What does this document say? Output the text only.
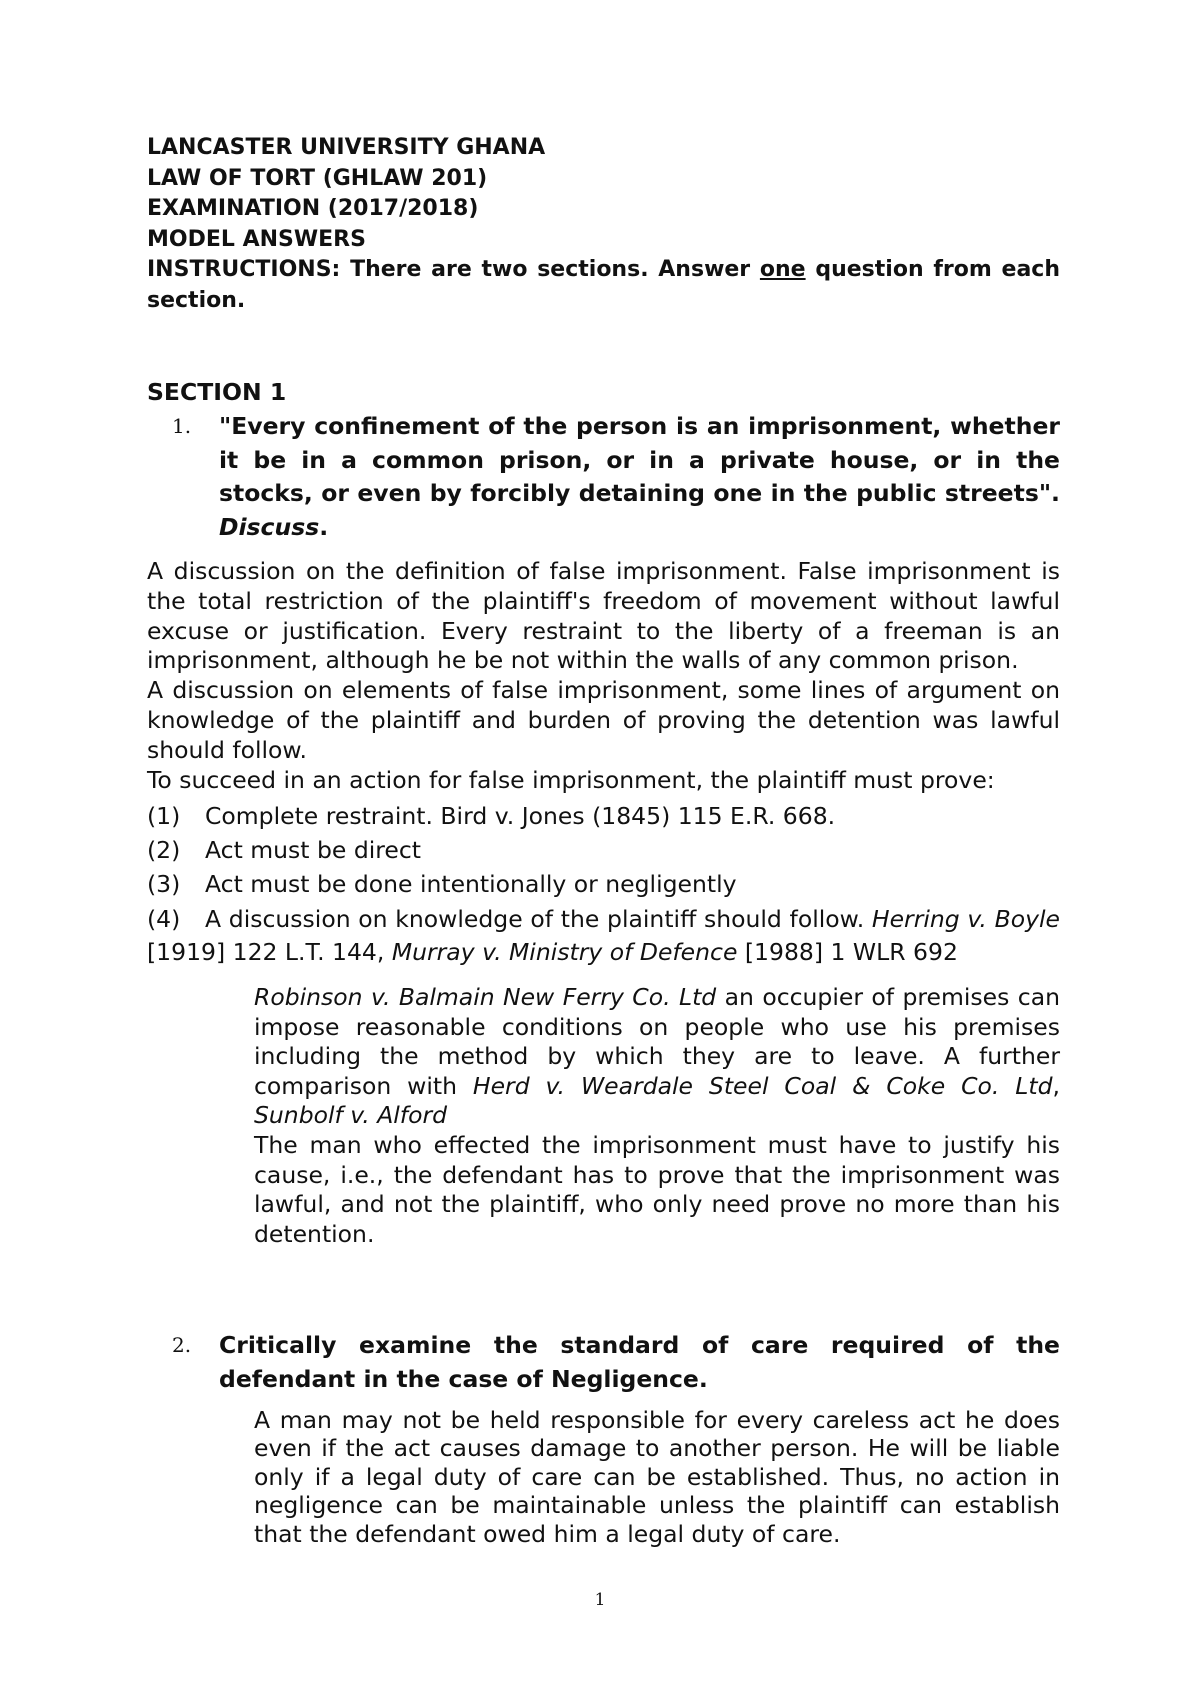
LANCASTER UNIVERSITY GHANA

LAW OF TORT (GHLAW 201)

EXAMINATION (2017/2018)

MODEL ANSWERS

INSTRUCTIONS: There are two sections. Answer one question from each section.

SECTION 1

1. "Every confinement of the person is an imprisonment, whether it be in a common prison, or in a private house, or in the stocks, or even by forcibly detaining one in the public streets". Discuss.

A discussion on the definition of false imprisonment. False imprisonment is the total restriction of the plaintiff's freedom of movement without lawful excuse or justification. Every restraint to the liberty of a freeman is an imprisonment, although he be not within the walls of any common prison.

A discussion on elements of false imprisonment, some lines of argument on knowledge of the plaintiff and burden of proving the detention was lawful should follow.

To succeed in an action for false imprisonment, the plaintiff must prove:

(1) Complete restraint. Bird v. Jones (1845) 115 E.R. 668.
(2) Act must be direct
(3) Act must be done intentionally or negligently
(4) A discussion on knowledge of the plaintiff should follow. Herring v. Boyle [1919] 122 L.T. 144, Murray v. Ministry of Defence [1988] 1 WLR 692
Robinson v. Balmain New Ferry Co. Ltd an occupier of premises can impose reasonable conditions on people who use his premises including the method by which they are to leave. A further comparison with Herd v. Weardale Steel Coal & Coke Co. Ltd, Sunbolf v. Alford
The man who effected the imprisonment must have to justify his cause, i.e., the defendant has to prove that the imprisonment was lawful, and not the plaintiff, who only need prove no more than his detention.
2. Critically examine the standard of care required of the defendant in the case of Negligence.
A man may not be held responsible for every careless act he does even if the act causes damage to another person. He will be liable only if a legal duty of care can be established. Thus, no action in negligence can be maintainable unless the plaintiff can establish that the defendant owed him a legal duty of care.
1
